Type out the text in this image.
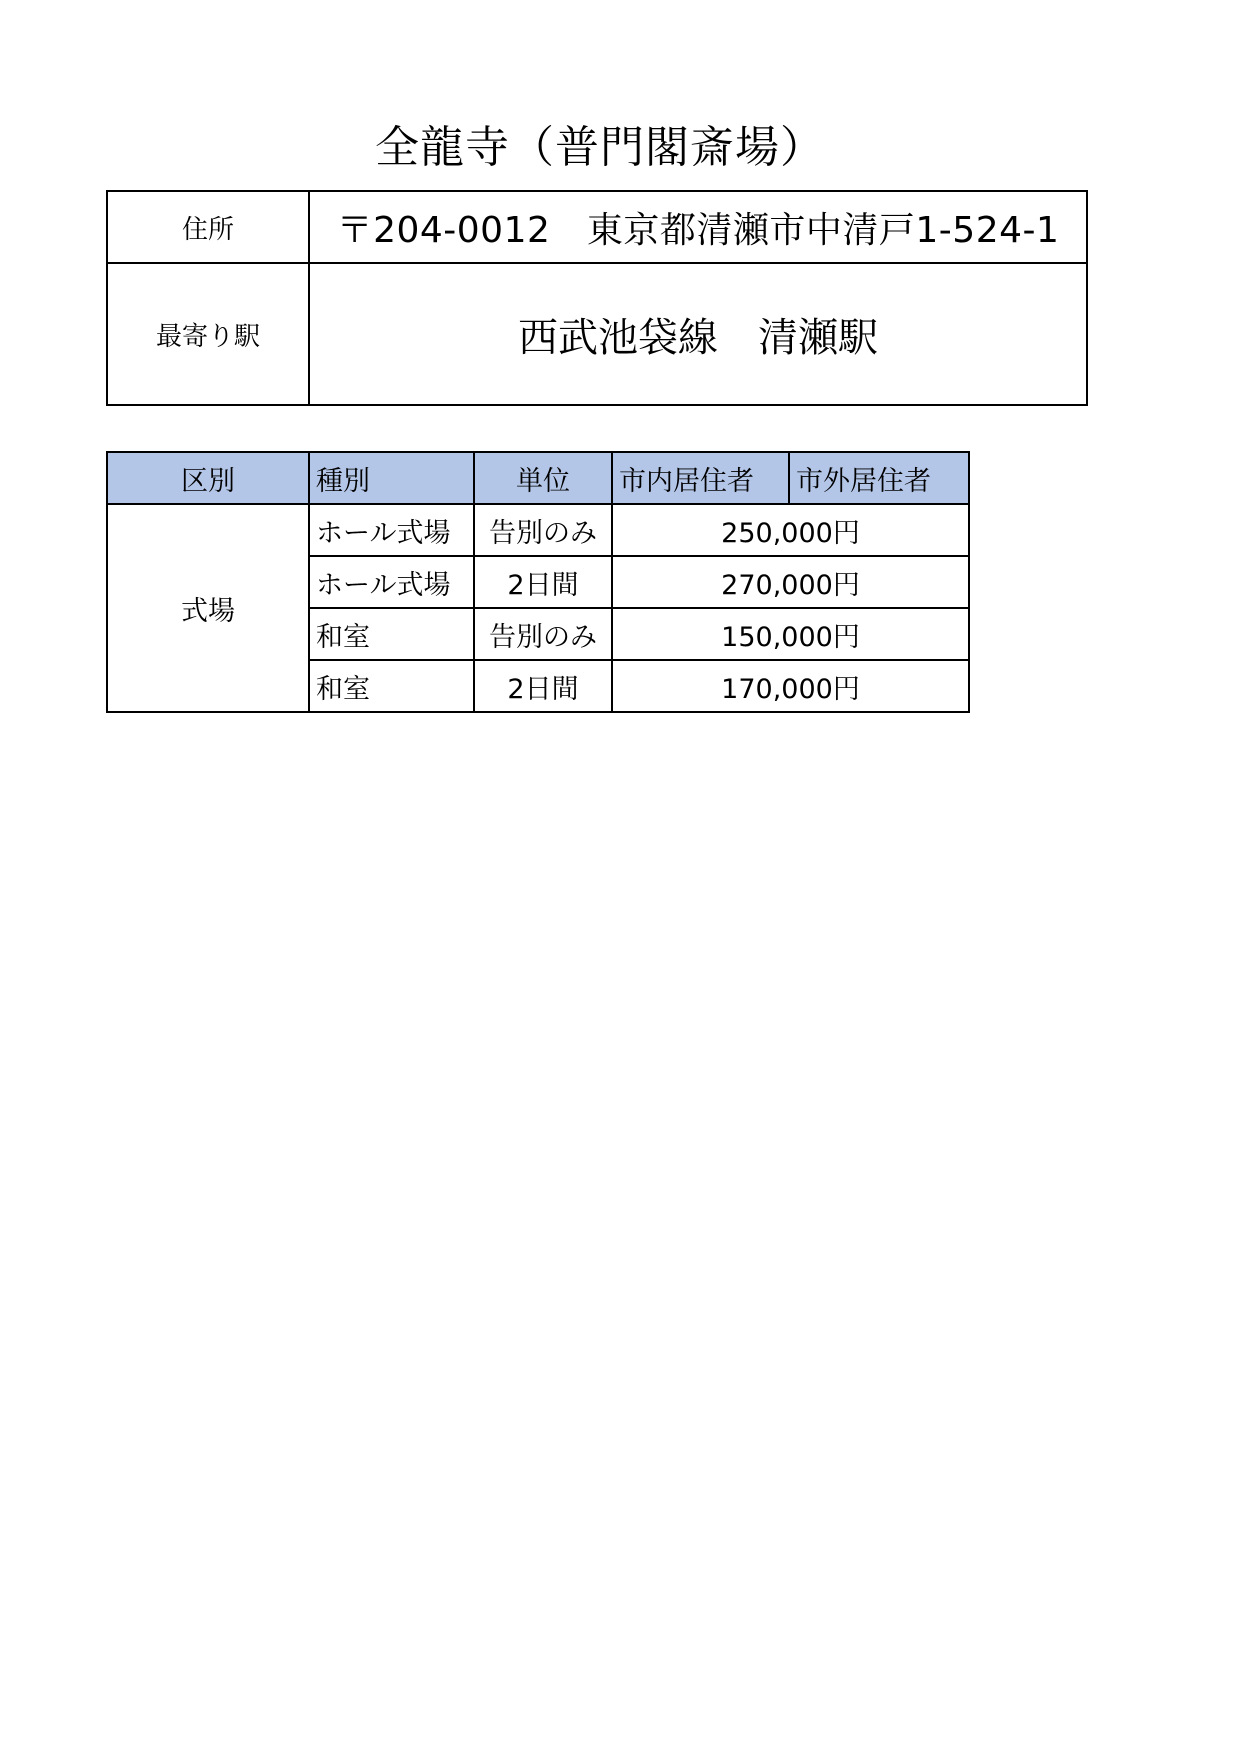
全龍寺（普門閣斎場）
住所	〒204-0012　東京都清瀬市中清戸1-524-1
最寄り駅	西武池袋線　清瀬駅
区別	種別	単位	市内居住者	市外居住者
式場	ホール式場	告別のみ	250,000円	
	ホール式場	2日間	270,000円	
	和室	告別のみ	150,000円	
	和室	2日間	170,000円	
